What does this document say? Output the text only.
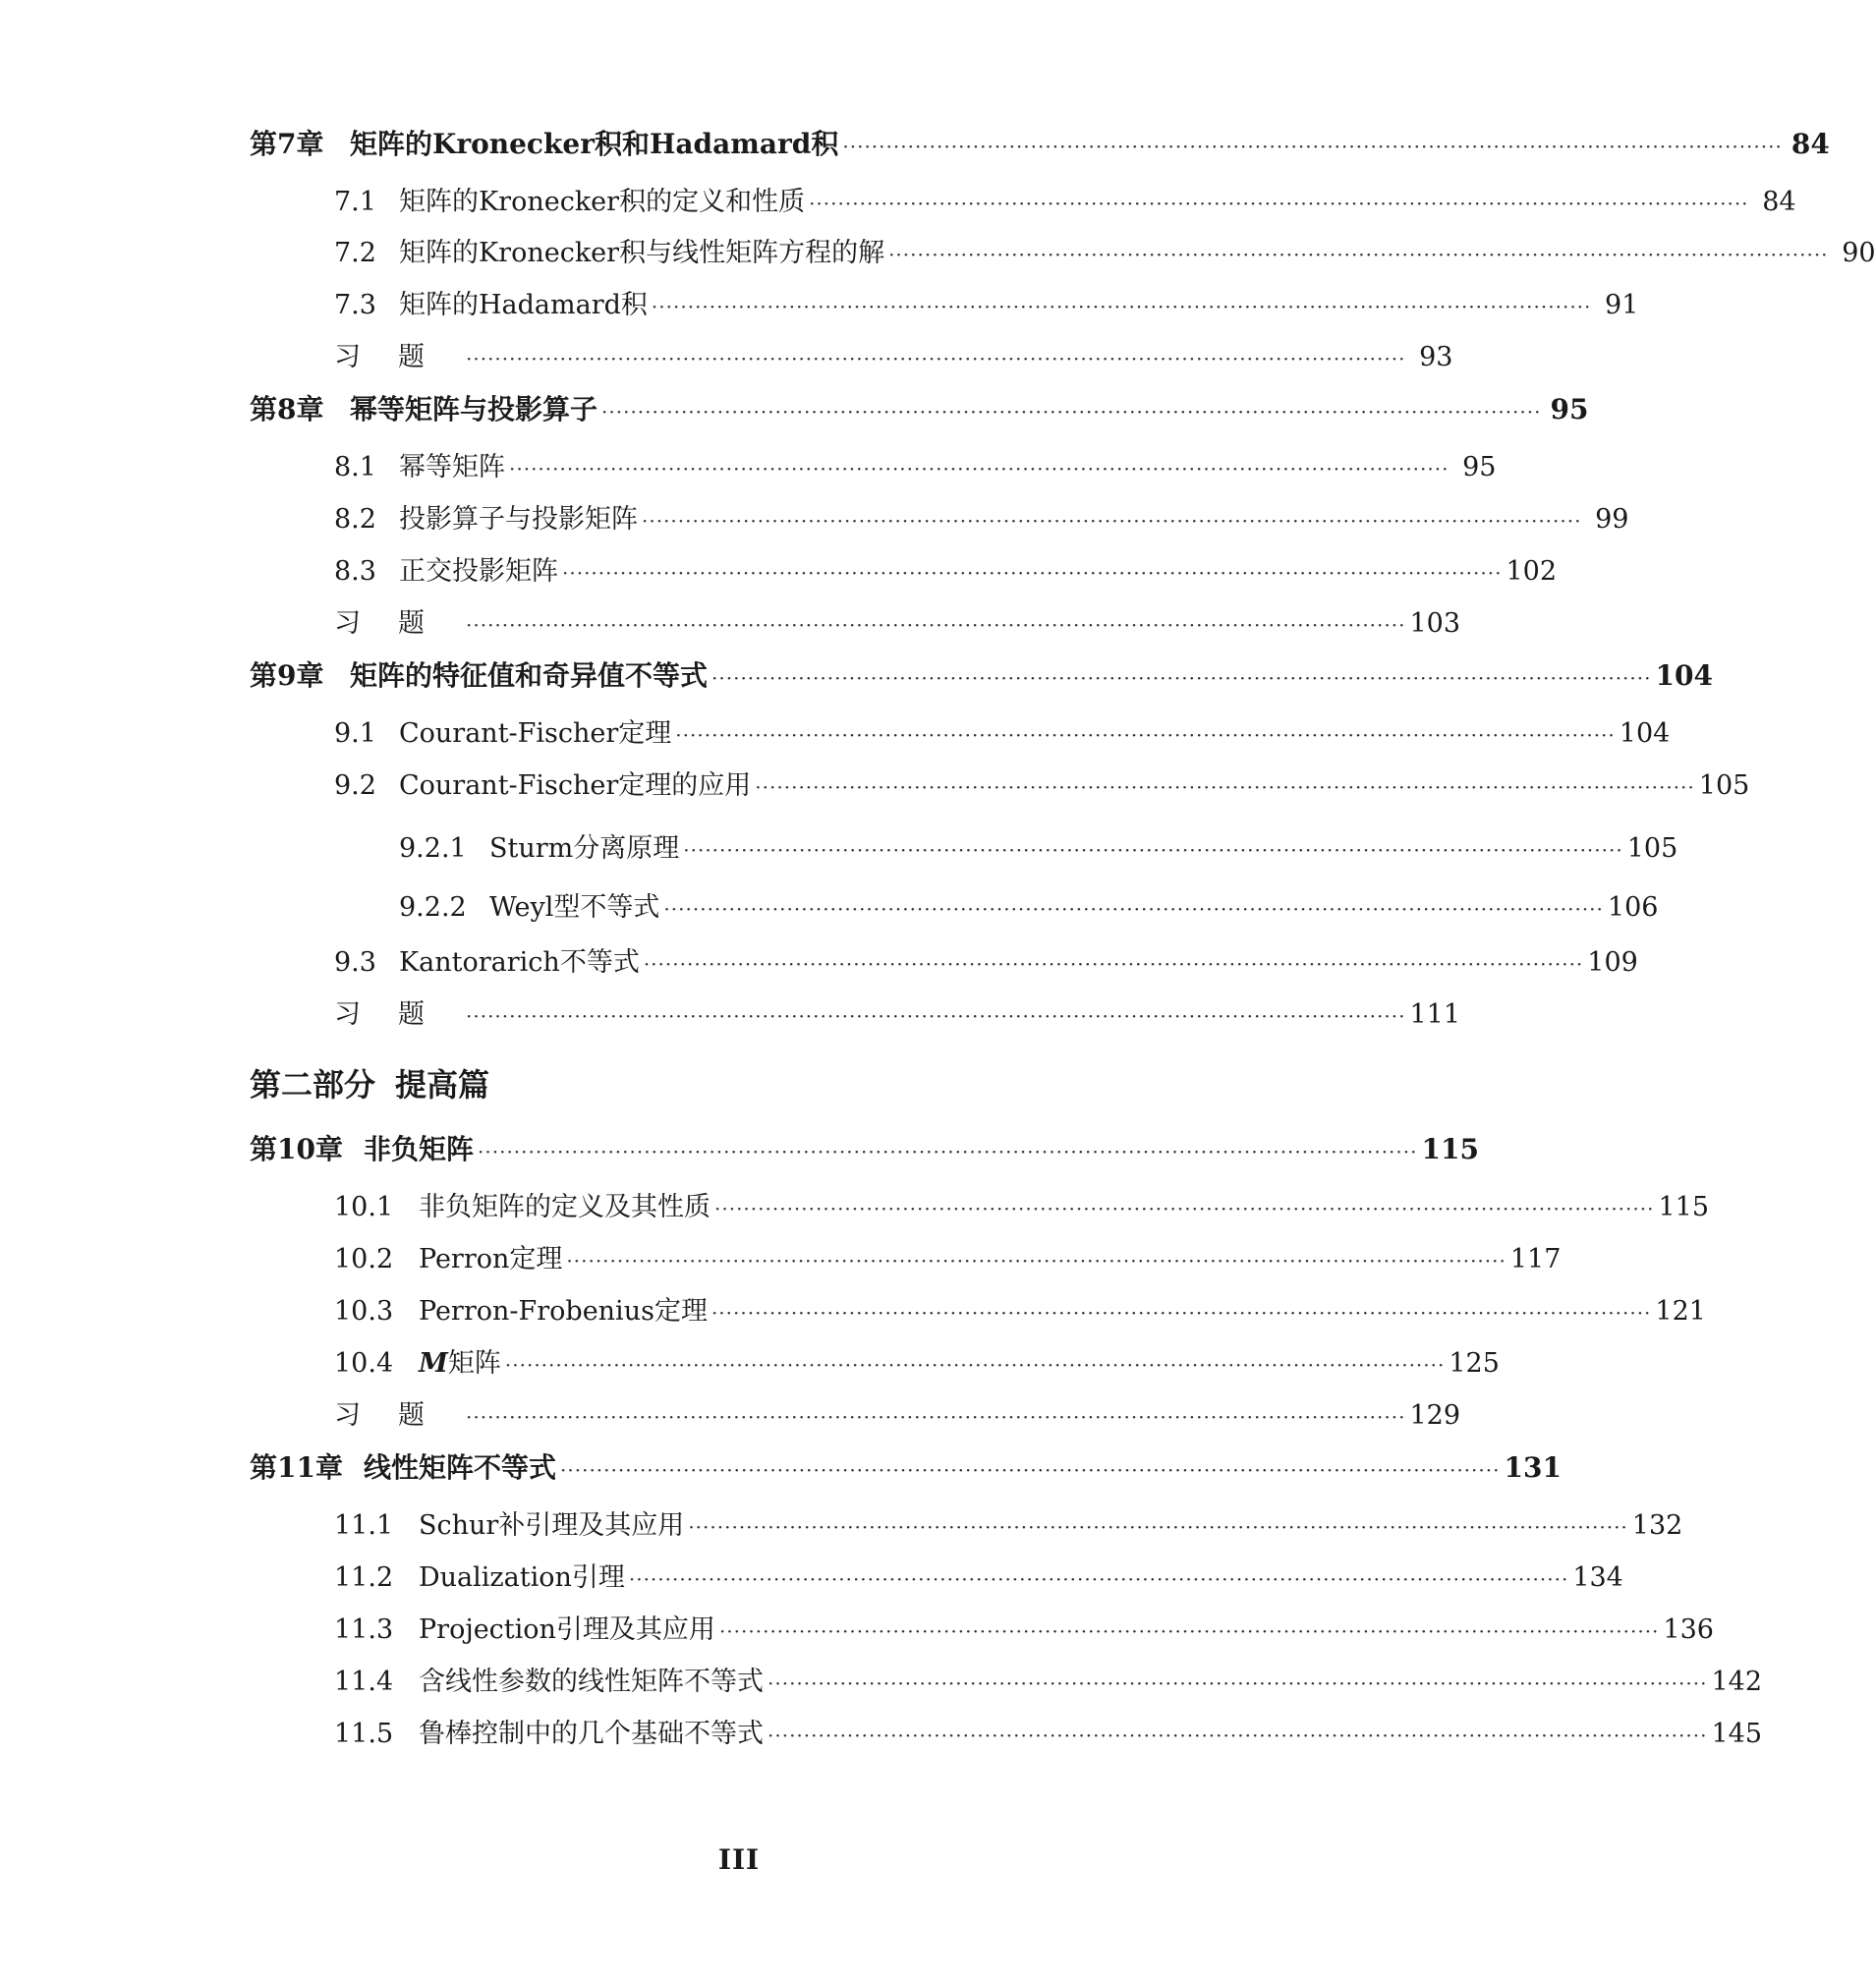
第7章 矩阵的Kronecker积和Hadamard积 ·································································································································· 84
7.1 矩阵的Kronecker积的定义和性质 ·································································································································· 84
7.2 矩阵的Kronecker积与线性矩阵方程的解 ·································································································································· 90
7.3 矩阵的Hadamard积 ·································································································································· 91
习题 ·································································································································· 93
第8章 幂等矩阵与投影算子 ·································································································································· 95
8.1 幂等矩阵 ·································································································································· 95
8.2 投影算子与投影矩阵 ·································································································································· 99
8.3 正交投影矩阵 ·································································································································· 102
习题 ·································································································································· 103
第9章 矩阵的特征值和奇异值不等式 ·································································································································· 104
9.1 Courant-Fischer定理 ·································································································································· 104
9.2 Courant-Fischer定理的应用 ·································································································································· 105
9.2.1 Sturm分离原理 ·································································································································· 105
9.2.2 Weyl型不等式 ·································································································································· 106
9.3 Kantorarich不等式 ·································································································································· 109
习题 ·································································································································· 111
第二部分 提高篇
第10章 非负矩阵 ·································································································································· 115
10.1 非负矩阵的定义及其性质 ·································································································································· 115
10.2 Perron定理 ·································································································································· 117
10.3 Perron-Frobenius定理 ·································································································································· 121
10.4 M矩阵 ·································································································································· 125
习题 ·································································································································· 129
第11章 线性矩阵不等式 ·································································································································· 131
11.1 Schur补引理及其应用 ·································································································································· 132
11.2 Dualization引理 ·································································································································· 134
11.3 Projection引理及其应用 ·································································································································· 136
11.4 含线性参数的线性矩阵不等式 ·································································································································· 142
11.5 鲁棒控制中的几个基础不等式 ·································································································································· 145
III
